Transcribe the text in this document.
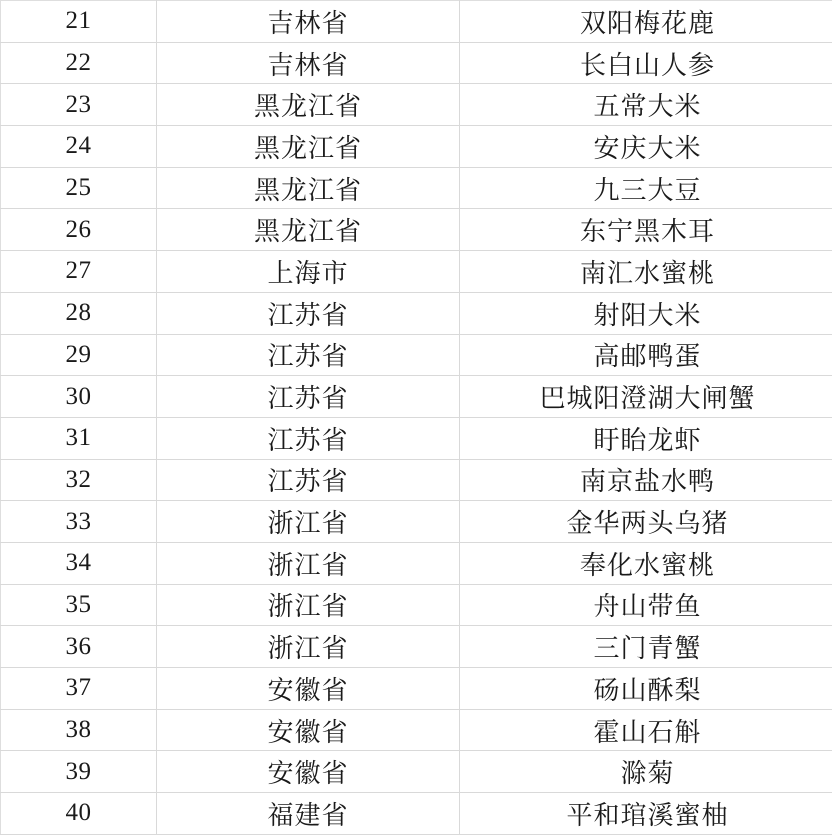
21	吉林省	双阳梅花鹿
22	吉林省	长白山人参
23	黑龙江省	五常大米
24	黑龙江省	安庆大米
25	黑龙江省	九三大豆
26	黑龙江省	东宁黑木耳
27	上海市	南汇水蜜桃
28	江苏省	射阳大米
29	江苏省	高邮鸭蛋
30	江苏省	巴城阳澄湖大闸蟹
31	江苏省	盱眙龙虾
32	江苏省	南京盐水鸭
33	浙江省	金华两头乌猪
34	浙江省	奉化水蜜桃
35	浙江省	舟山带鱼
36	浙江省	三门青蟹
37	安徽省	砀山酥梨
38	安徽省	霍山石斛
39	安徽省	滁菊
40	福建省	平和琯溪蜜柚
